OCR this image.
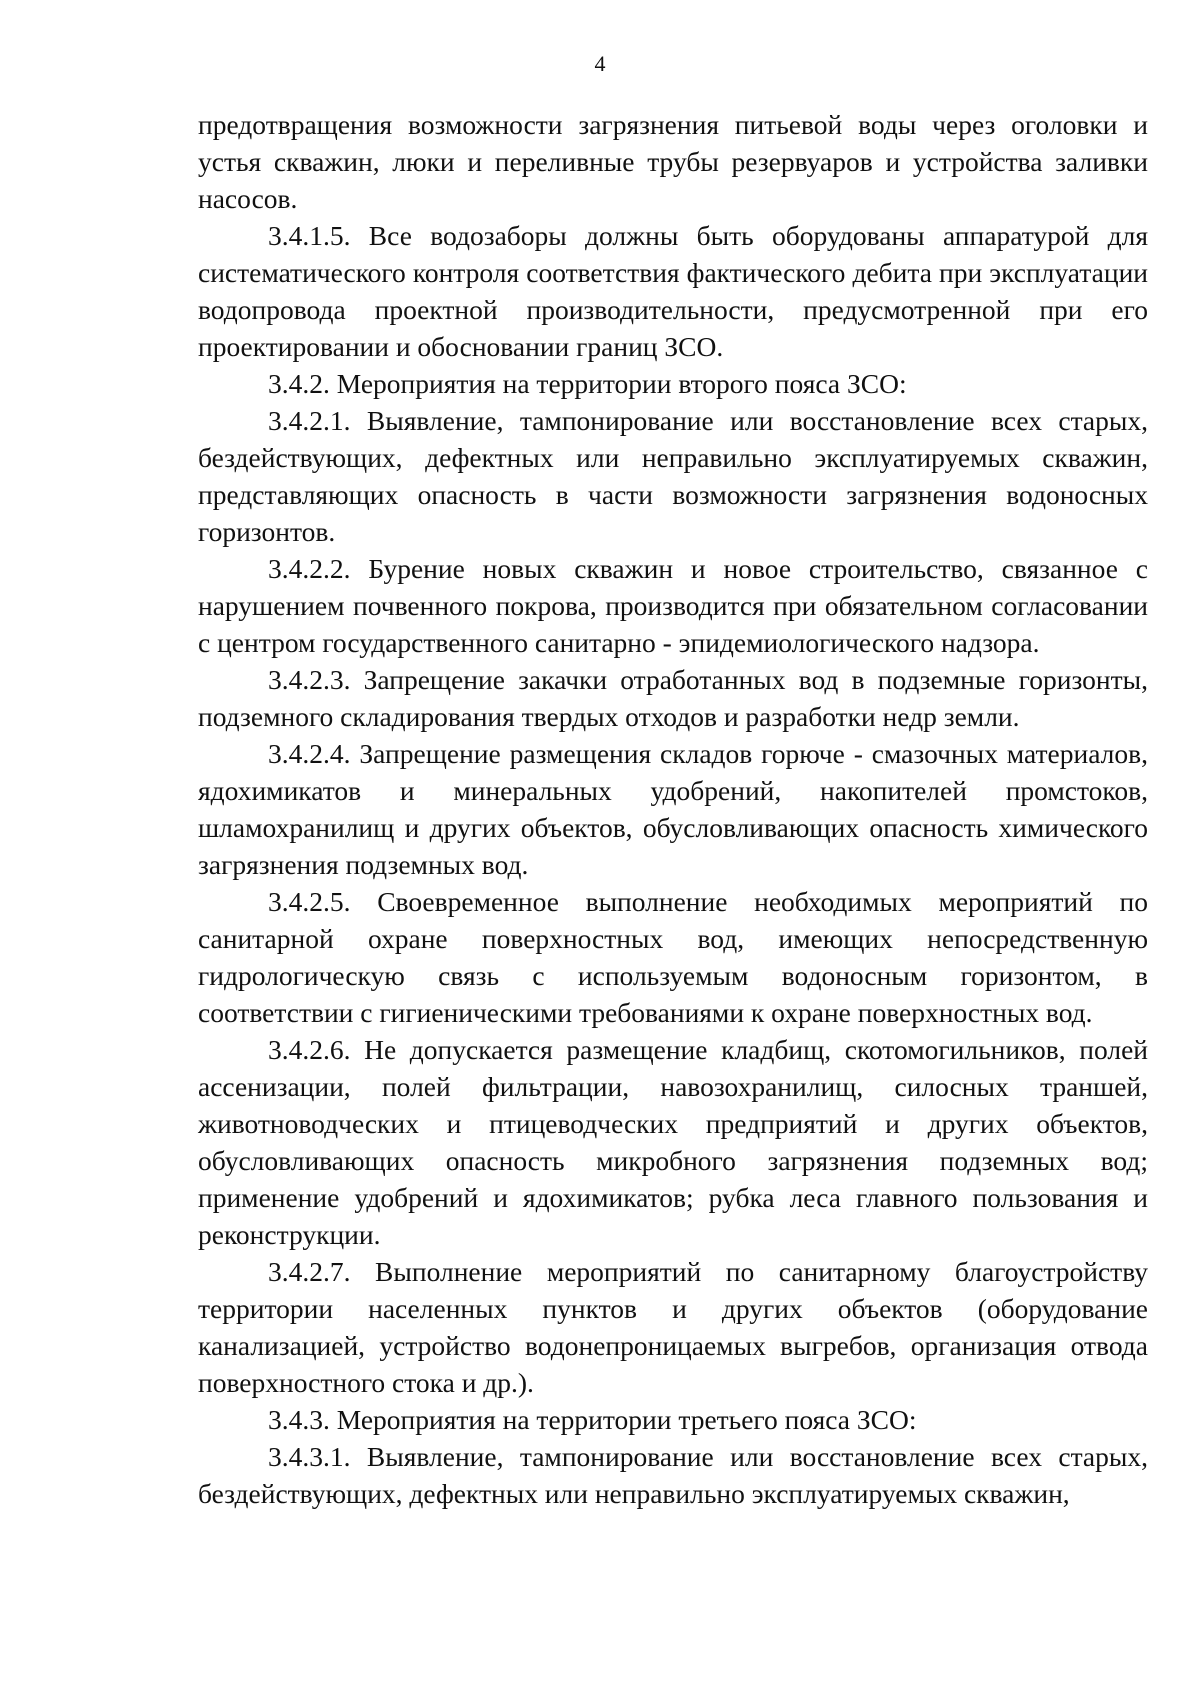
4

предотвращения возможности загрязнения питьевой воды через оголовки и устья скважин, люки и переливные трубы резервуаров и устройства заливки насосов.

3.4.1.5. Все водозаборы должны быть оборудованы аппаратурой для систематического контроля соответствия фактического дебита при эксплуатации водопровода проектной производительности, предусмотренной при его проектировании и обосновании границ ЗСО.

3.4.2. Мероприятия на территории второго пояса ЗСО:

3.4.2.1. Выявление, тампонирование или восстановление всех старых, бездействующих, дефектных или неправильно эксплуатируемых скважин, представляющих опасность в части возможности загрязнения водоносных горизонтов.

3.4.2.2. Бурение новых скважин и новое строительство, связанное с нарушением почвенного покрова, производится при обязательном согласовании с центром государственного санитарно - эпидемиологического надзора.

3.4.2.3. Запрещение закачки отработанных вод в подземные горизонты, подземного складирования твердых отходов и разработки недр земли.

3.4.2.4. Запрещение размещения складов горюче - смазочных материалов, ядохимикатов и минеральных удобрений, накопителей промстоков, шламохранилищ и других объектов, обусловливающих опасность химического загрязнения подземных вод.

3.4.2.5. Своевременное выполнение необходимых мероприятий по санитарной охране поверхностных вод, имеющих непосредственную гидрологическую связь с используемым водоносным горизонтом, в соответствии с гигиеническими требованиями к охране поверхностных вод.

3.4.2.6. Не допускается размещение кладбищ, скотомогильников, полей ассенизации, полей фильтрации, навозохранилищ, силосных траншей, животноводческих и птицеводческих предприятий и других объектов, обусловливающих опасность микробного загрязнения подземных вод; применение удобрений и ядохимикатов; рубка леса главного пользования и реконструкции.

3.4.2.7. Выполнение мероприятий по санитарному благоустройству территории населенных пунктов и других объектов (оборудование канализацией, устройство водонепроницаемых выгребов, организация отвода поверхностного стока и др.).

3.4.3. Мероприятия на территории третьего пояса ЗСО:

3.4.3.1. Выявление, тампонирование или восстановление всех старых, бездействующих, дефектных или неправильно эксплуатируемых скважин,
